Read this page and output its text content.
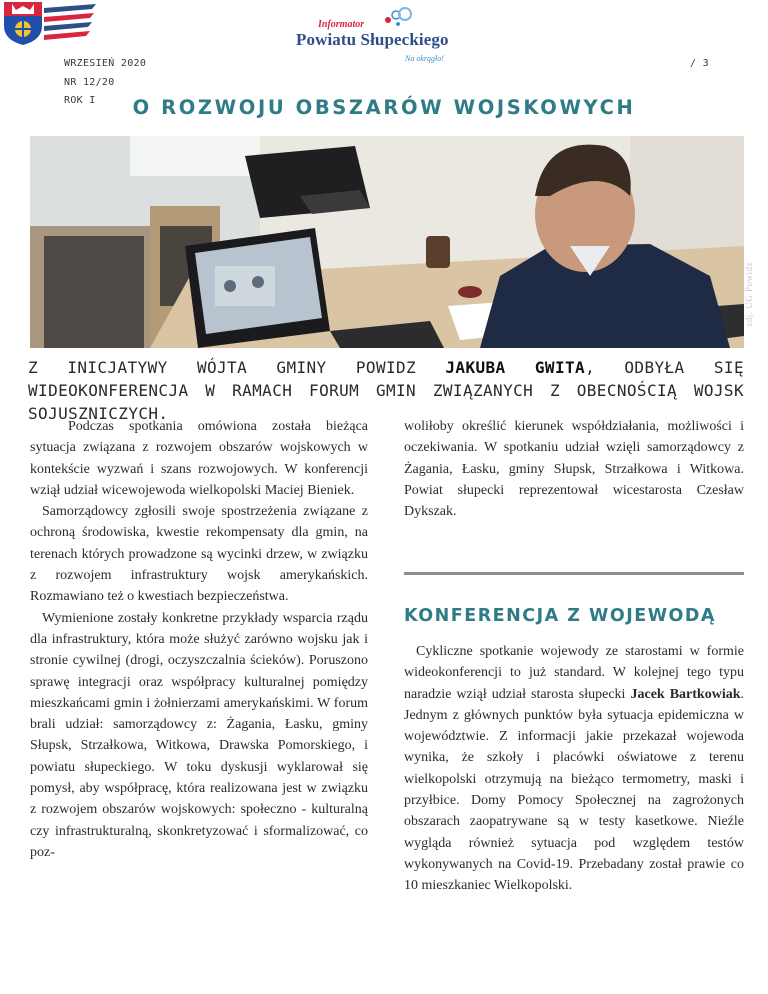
Informator
Powiatu Słupeckiego
Na okrągło!
WRZESIEŃ 2020
NR 12/20
ROK I
/ 3
O ROZWOJU OBSZARÓW WOJSKOWYCH
zdj. UG Powidz
Z INICJATYWY WÓJTA GMINY POWIDZ JAKUBA GWITA, ODBYŁA SIĘ WIDEOKONFERENCJA W RAMACH FORUM GMIN ZWIĄZANYCH Z OBECNOŚCIĄ WOJSK SOJUSZNICZYCH.

Podczas spotkania omówiona została bieżąca sytuacja związana z rozwojem obszarów wojskowych w kontekście wyzwań i szans rozwojowych. W konferencji wziął udział wicewojewoda wielkopolski Maciej Bieniek.

Samorządowcy zgłosili swoje spostrzeżenia związane z ochroną środowiska, kwestie rekompensaty dla gmin, na terenach których prowadzone są wycinki drzew, w związku z rozwojem infrastruktury wojsk amerykańskich. Rozmawiano też o kwestiach bezpieczeństwa.

Wymienione zostały konkretne przykłady wsparcia rządu dla infrastruktury, która może służyć zarówno wojsku jak i stronie cywilnej (drogi, oczyszczalnia ścieków). Poruszono sprawę integracji oraz współpracy kulturalnej pomiędzy mieszkańcami gmin i żołnierzami amerykańskimi. W forum brali udział: samorządowcy z: Żagania, Łasku, gminy Słupsk, Strzałkowa, Witkowa, Drawska Pomorskiego, i powiatu słupeckiego. W toku dyskusji wyklarował się pomysł, aby współpracę, która realizowana jest w związku z rozwojem obszarów wojskowych: społeczno - kulturalną czy infrastrukturalną, skonkretyzować i sformalizować, co poz-

woliłoby określić kierunek współdziałania, możliwości i oczekiwania. W spotkaniu udział wzięli samorządowcy z Żagania, Łasku, gminy Słupsk, Strzałkowa i Witkowa. Powiat słupecki reprezentował wicestarosta Czesław Dykszak.

KONFERENCJA Z WOJEWODĄ

Cykliczne spotkanie wojewody ze starostami w formie wideokonferencji to już standard. W kolejnej tego typu naradzie wziął udział starosta słupecki Jacek Bartkowiak. Jednym z głównych punktów była sytuacja epidemiczna w województwie. Z informacji jakie przekazał wojewoda wynika, że szkoły i placówki oświatowe z terenu wielkopolski otrzymują na bieżąco termometry, maski i przyłbice. Domy Pomocy Społecznej na zagrożonych obszarach zaopatrywane są w testy kasetkowe. Nieźle wygląda również sytuacja pod względem testów wykonywanych na Covid-19. Przebadany został prawie co 10 mieszkaniec Wielkopolski.
